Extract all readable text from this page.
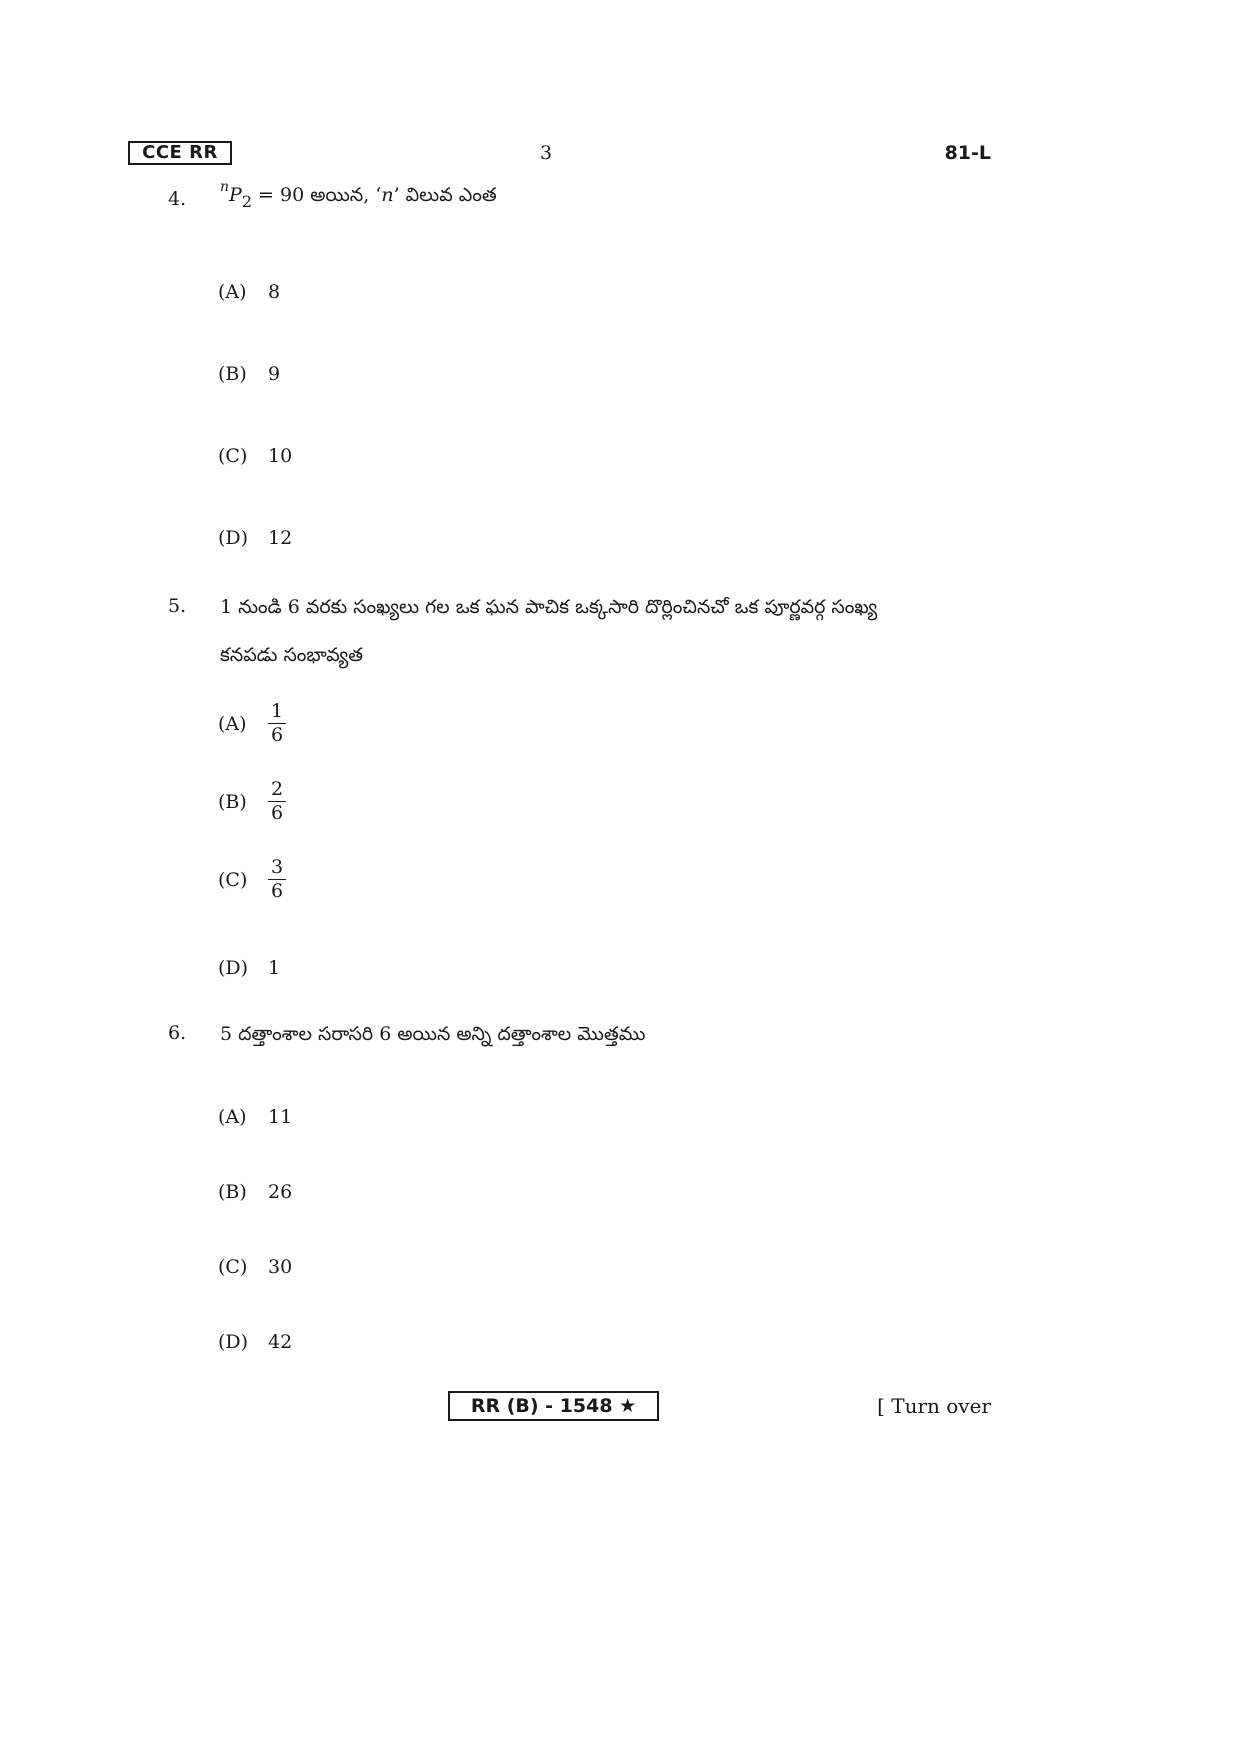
CCE RR	3	81-L
4.
$^nP_2 = 90$ అయిన, ‘n’ విలువ ఎంత
(A)	8
(B)	9
(C)	10
(D)	12
5. 1 నుండి 6 వరకు సంఖ్యలు గల ఒక ఘన పాచిక ఒక్కసారి దొర్లించినచో ఒక పూర్ణవర్గ సంఖ్య
కనపడు సంభావ్యత
(A)	$\frac{1}{6}$
(B)	$\frac{2}{6}$
(C)	$\frac{3}{6}$
(D)	1
6. 5 దత్తాంశాల సరాసరి 6 అయిన అన్ని దత్తాంశాల మొత్తము
(A)	11
(B)	26
(C)	30
(D)	42
RR (B) - 1548 ★	[ Turn over
